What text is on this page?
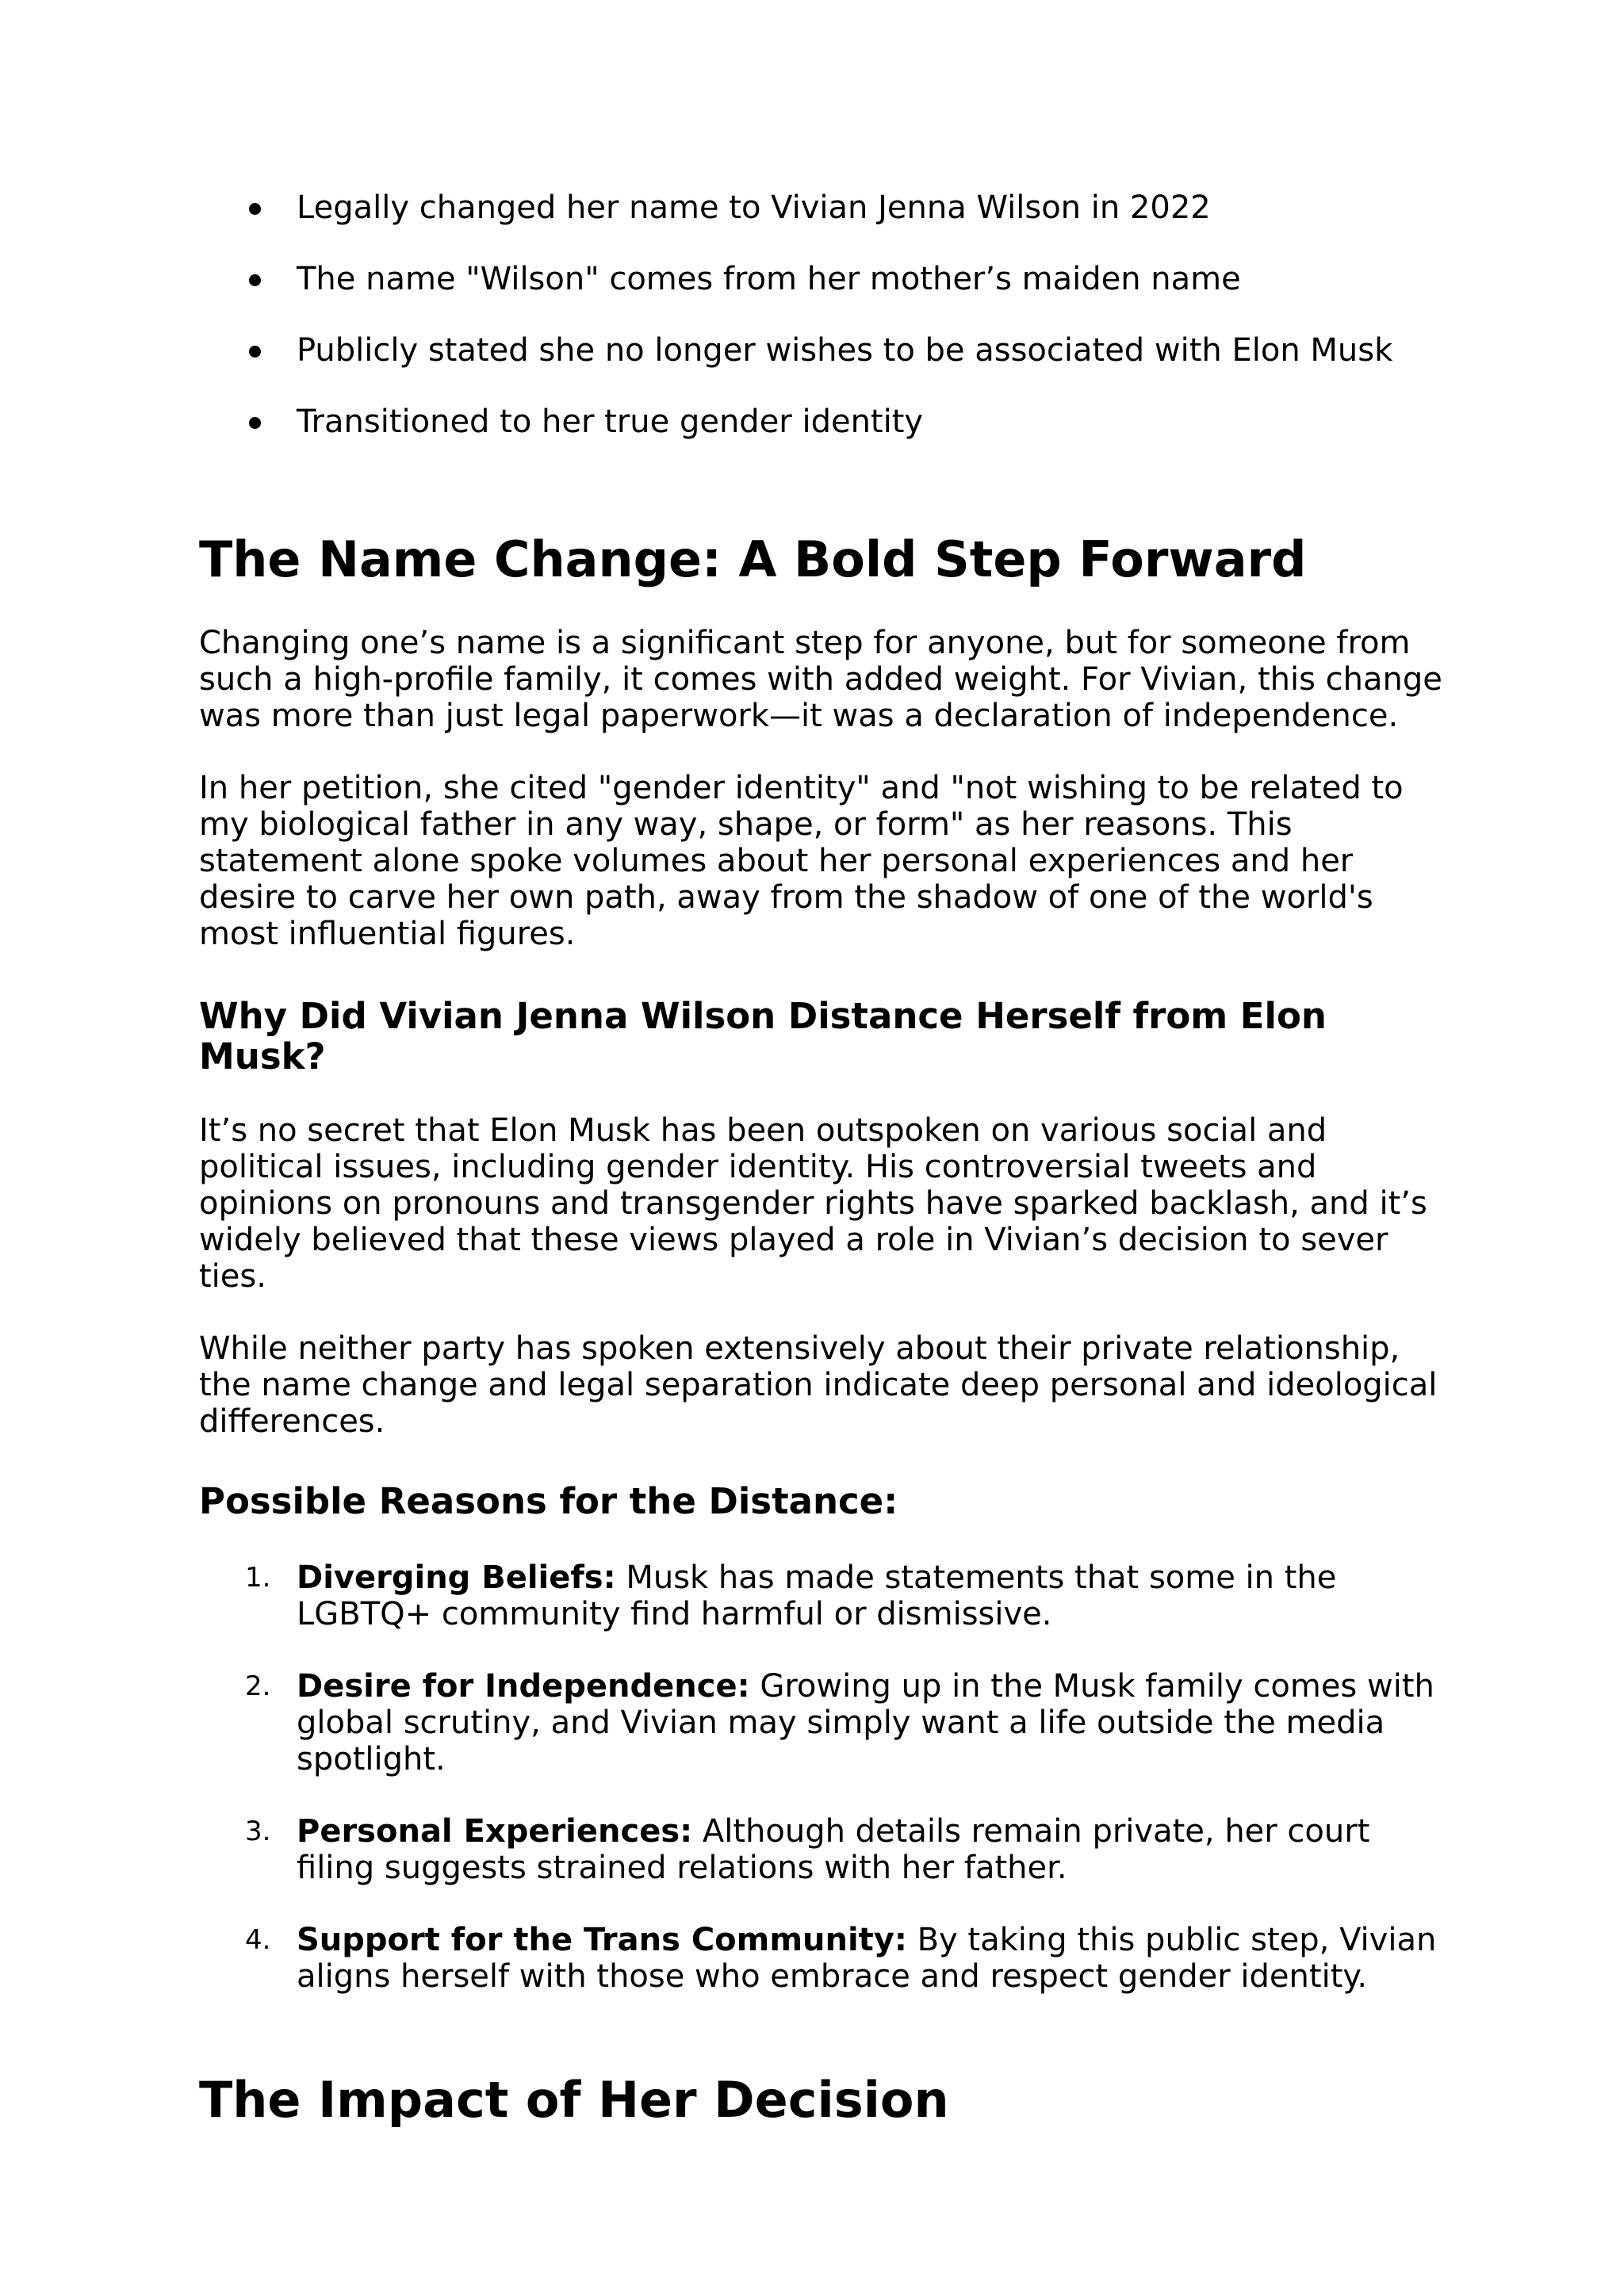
Legally changed her name to Vivian Jenna Wilson in 2022
The name "Wilson" comes from her mother’s maiden name
Publicly stated she no longer wishes to be associated with Elon Musk
Transitioned to her true gender identity
The Name Change: A Bold Step Forward

Changing one’s name is a significant step for anyone, but for someone from such a high-profile family, it comes with added weight. For Vivian, this change was more than just legal paperwork—it was a declaration of independence.

In her petition, she cited "gender identity" and "not wishing to be related to my biological father in any way, shape, or form" as her reasons. This statement alone spoke volumes about her personal experiences and her desire to carve her own path, away from the shadow of one of the world's most influential figures.

Why Did Vivian Jenna Wilson Distance Herself from Elon Musk?

It’s no secret that Elon Musk has been outspoken on various social and political issues, including gender identity. His controversial tweets and opinions on pronouns and transgender rights have sparked backlash, and it’s widely believed that these views played a role in Vivian’s decision to sever ties.

While neither party has spoken extensively about their private relationship, the name change and legal separation indicate deep personal and ideological differences.

Possible Reasons for the Distance:
1. Diverging Beliefs: Musk has made statements that some in the LGBTQ+ community find harmful or dismissive.
2. Desire for Independence: Growing up in the Musk family comes with global scrutiny, and Vivian may simply want a life outside the media spotlight.
3. Personal Experiences: Although details remain private, her court filing suggests strained relations with her father.
4. Support for the Trans Community: By taking this public step, Vivian aligns herself with those who embrace and respect gender identity.
The Impact of Her Decision
